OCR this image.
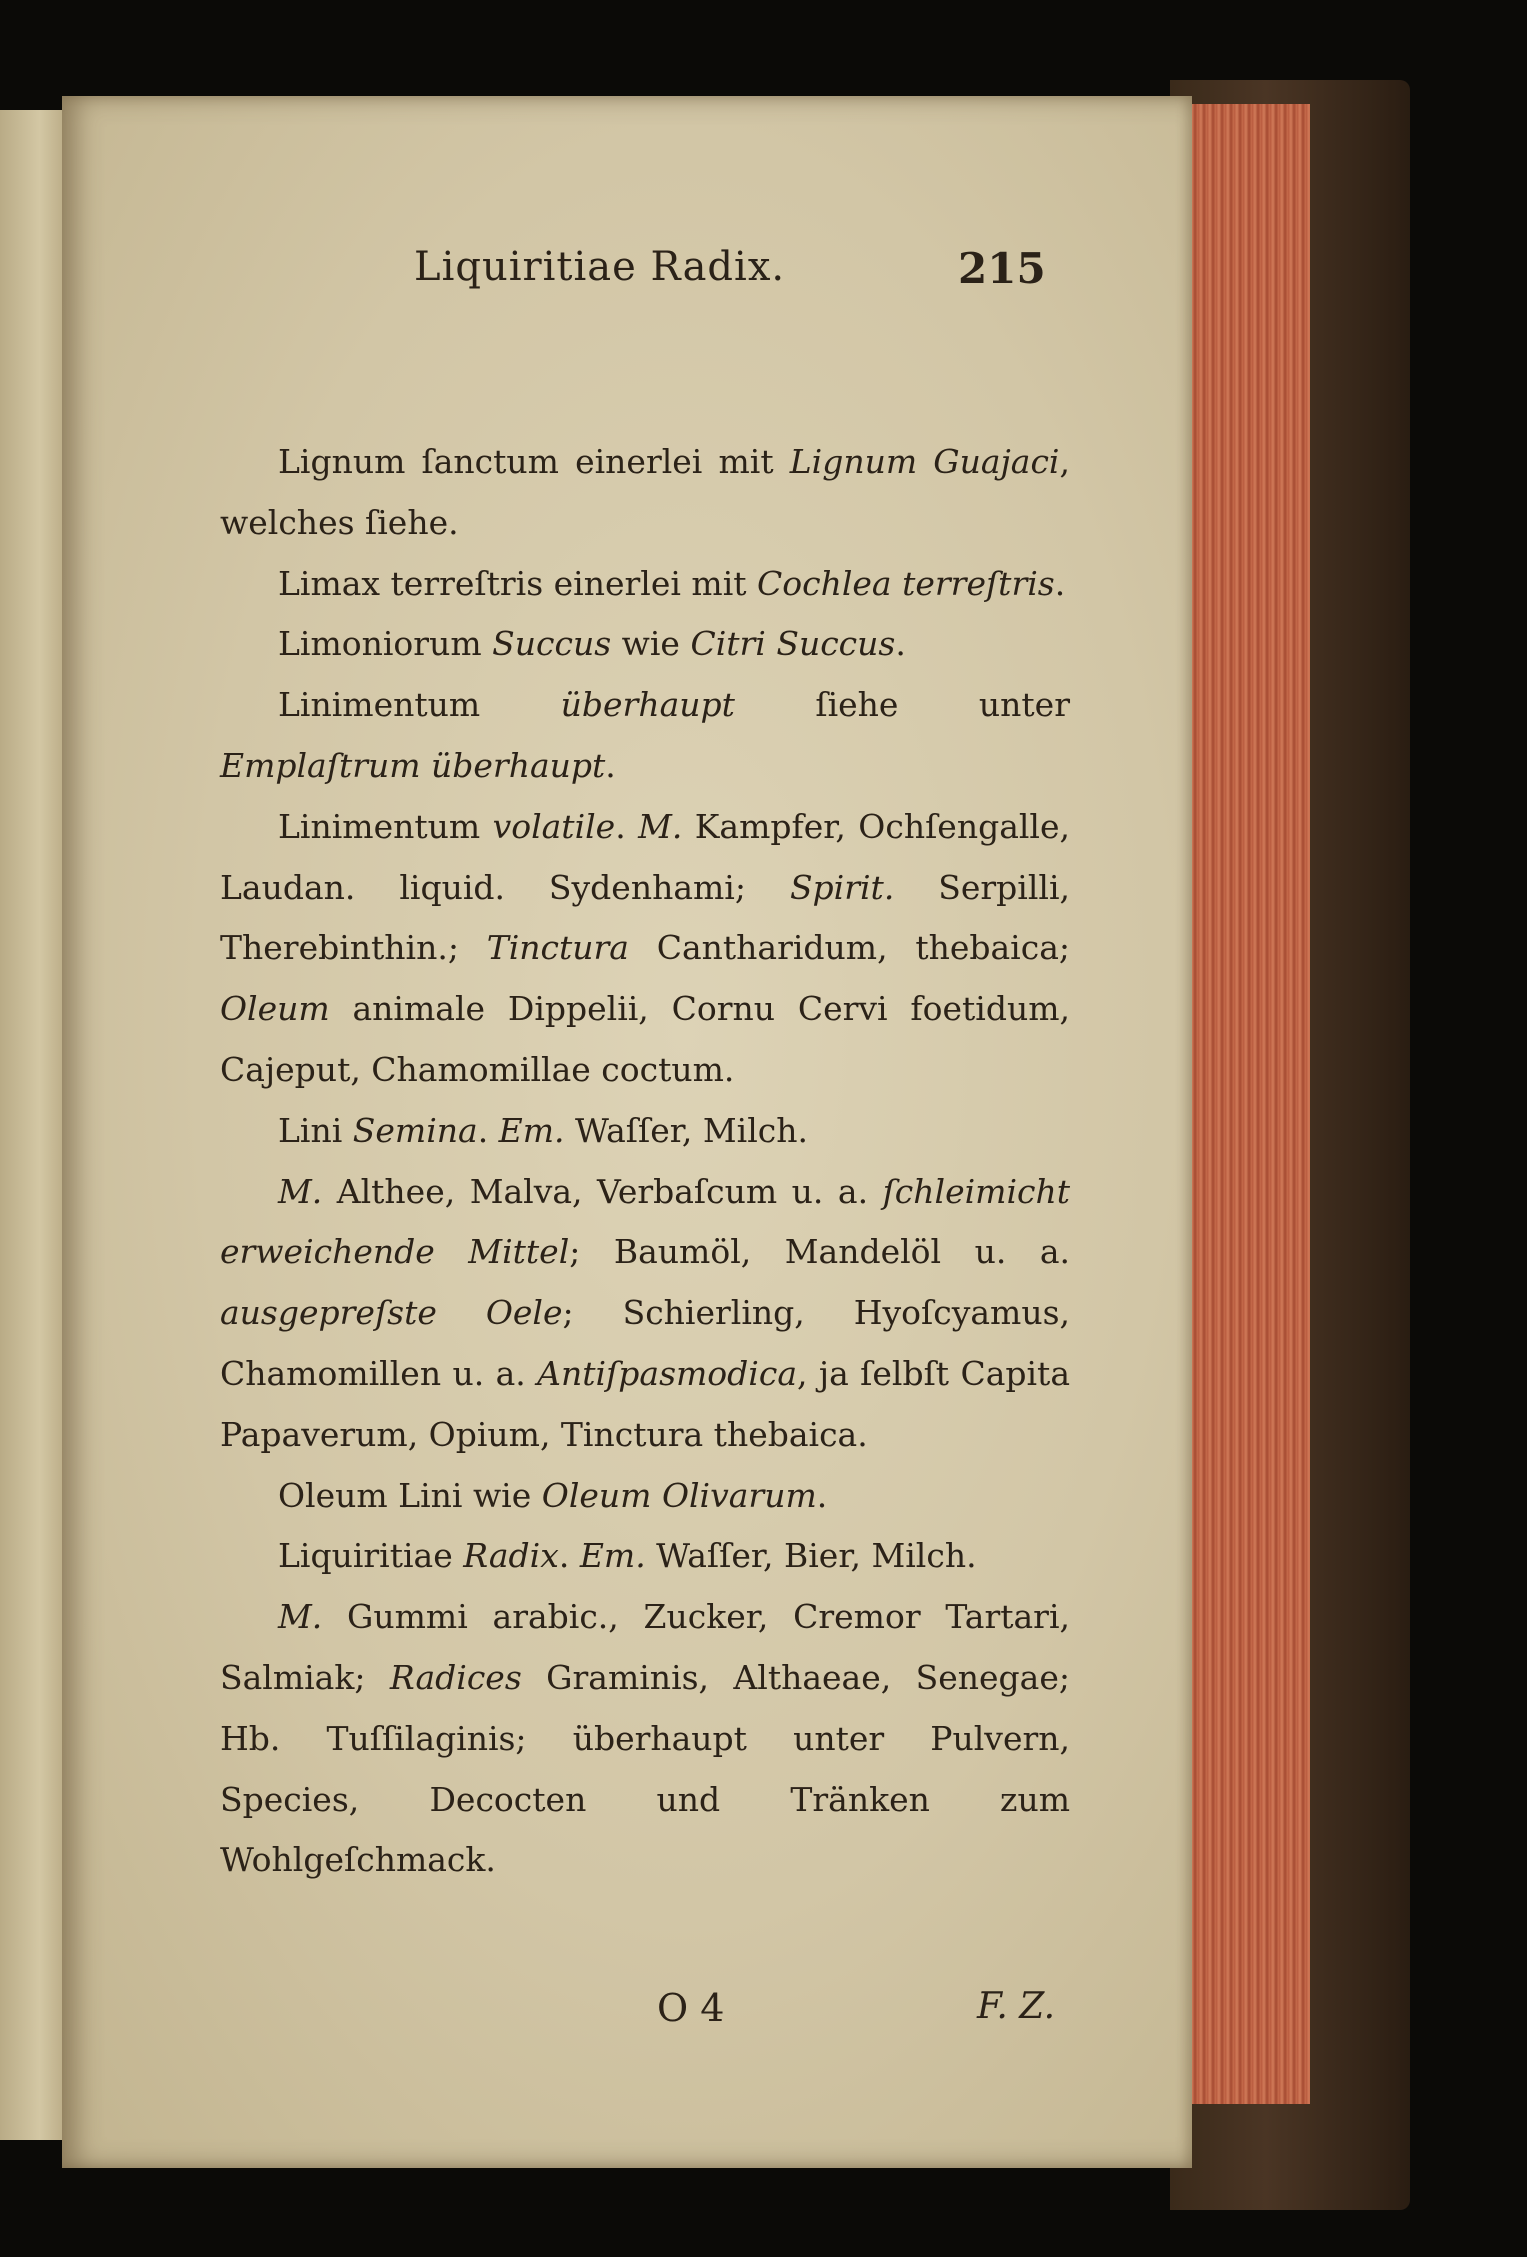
Liquiritiae Radix.	215

Lignum ſanctum einerlei mit Lignum Guajaci, welches ſiehe.

Limax terreſtris einerlei mit Cochlea terreſtris.

Limoniorum Succus wie Citri Succus.

Linimentum überhaupt ſiehe unter Emplaſtrum überhaupt.

Linimentum volatile. M. Kampfer, Ochſengalle, Laudan. liquid. Sydenhami; Spirit. Serpilli, Therebinthin.; Tinctura Cantharidum, thebaica; Oleum animale Dippelii, Cornu Cervi foetidum, Cajeput, Chamomillae coctum.

Lini Semina. Em. Waſſer, Milch.

M. Althee, Malva, Verbaſcum u. a. ſchleimicht erweichende Mittel; Baumöl, Mandelöl u. a. ausgepreſste Oele; Schierling, Hyoſcyamus, Chamomillen u. a. Antiſpasmodica, ja ſelbſt Capita Papaverum, Opium, Tinctura thebaica.

Oleum Lini wie Oleum Olivarum.

Liquiritiae Radix. Em. Waſſer, Bier, Milch.

M. Gummi arabic., Zucker, Cremor Tartari, Salmiak; Radices Graminis, Althaeae, Senegae; Hb. Tuſſilaginis; überhaupt unter Pulvern, Species, Decocten und Tränken zum Wohlgeſchmack.

O 4	F. Z.
